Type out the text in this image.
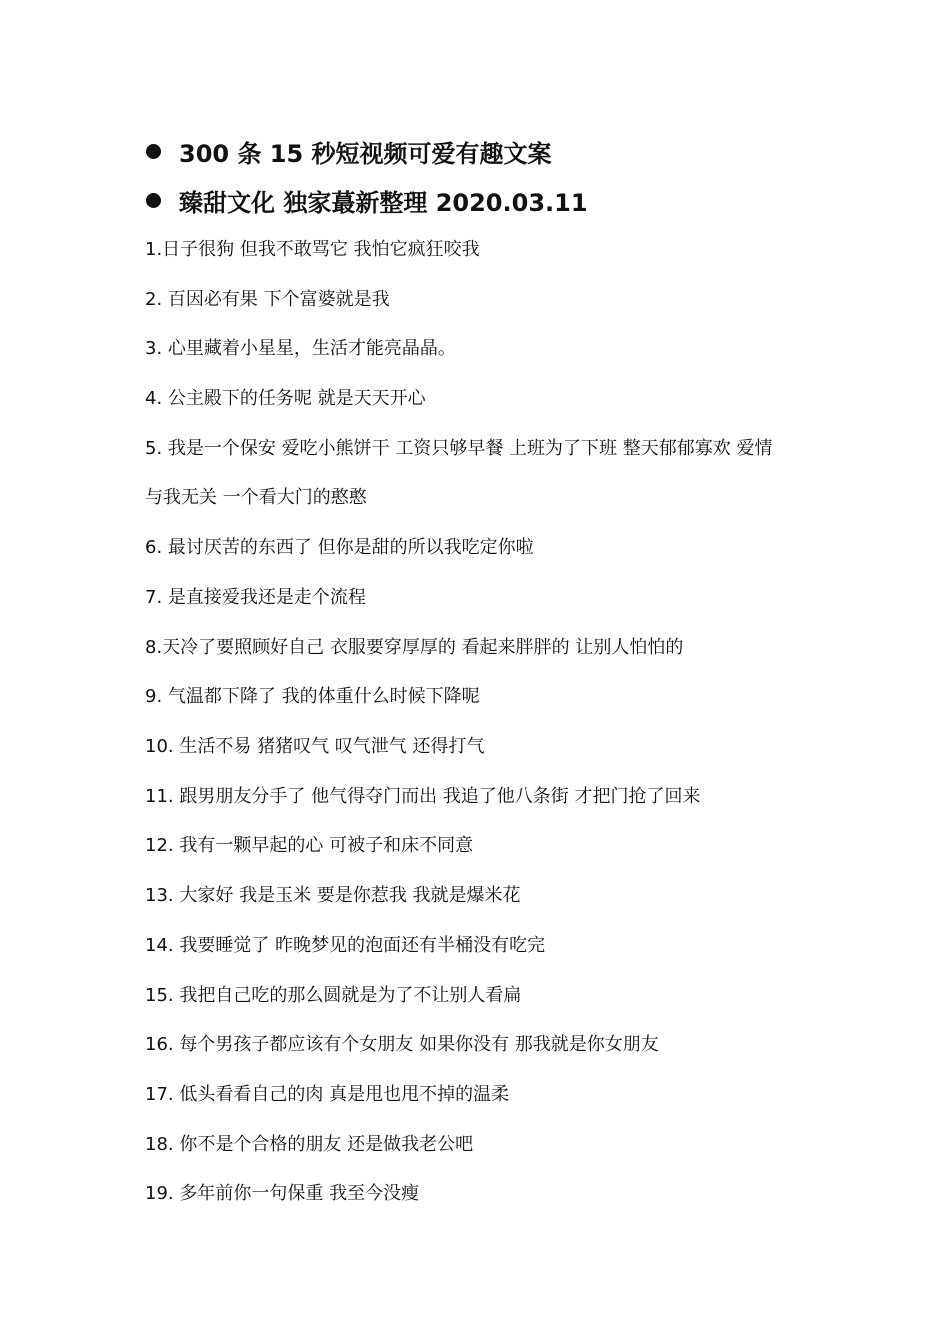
300 条 15 秒短视频可爱有趣文案
臻甜文化 独家蕞新整理 2020.03.11
1.日子很狗 但我不敢骂它 我怕它疯狂咬我
2. 百因必有果 下个富婆就是我
3. 心里藏着小星星，生活才能亮晶晶。
4. 公主殿下的任务呢 就是天天开心
5. 我是一个保安 爱吃小熊饼干 工资只够早餐 上班为了下班 整天郁郁寡欢 爱情
与我无关 一个看大门的憨憨
6. 最讨厌苦的东西了 但你是甜的所以我吃定你啦
7. 是直接爱我还是走个流程
8.天冷了要照顾好自己 衣服要穿厚厚的 看起来胖胖的 让别人怕怕的
9. 气温都下降了 我的体重什么时候下降呢
10. 生活不易 猪猪叹气 叹气泄气 还得打气
11. 跟男朋友分手了 他气得夺门而出 我追了他八条街 才把门抢了回来
12. 我有一颗早起的心 可被子和床不同意
13. 大家好 我是玉米 要是你惹我 我就是爆米花
14. 我要睡觉了 昨晚梦见的泡面还有半桶没有吃完
15. 我把自己吃的那么圆就是为了不让别人看扁
16. 每个男孩子都应该有个女朋友 如果你没有 那我就是你女朋友
17. 低头看看自己的肉 真是甩也甩不掉的温柔
18. 你不是个合格的朋友 还是做我老公吧
19. 多年前你一句保重 我至今没瘦
